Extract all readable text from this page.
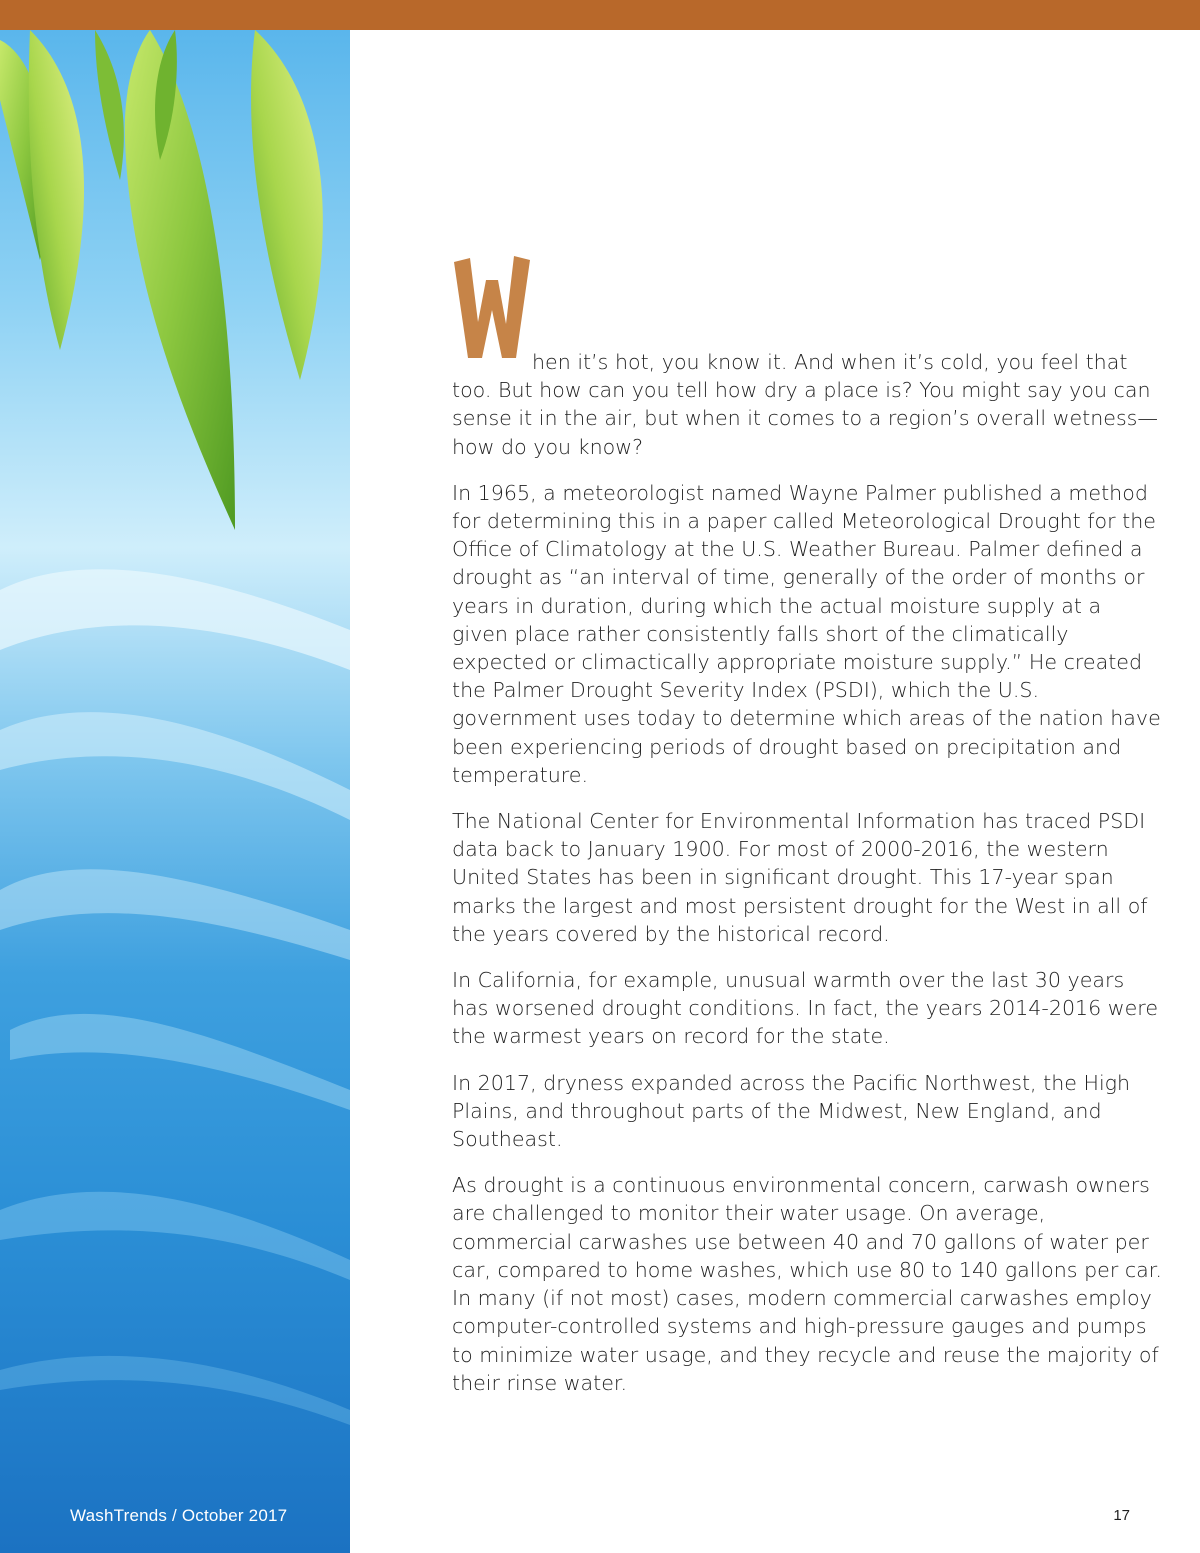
hen it’s hot, you know it. And when it’s cold, you feel that too. But how can you tell how dry a place is? You might say you can sense it in the air, but when it comes to a region’s overall wetness—how do you know?

In 1965, a meteorologist named Wayne Palmer published a method for determining this in a paper called Meteorological Drought for the Office of Climatology at the U.S. Weather Bureau. Palmer defined a drought as “an interval of time, generally of the order of months or years in duration, during which the actual moisture supply at a given place rather consistently falls short of the climatically expected or climactically appropriate moisture supply.” He created the Palmer Drought Severity Index (PSDI), which the U.S. government uses today to determine which areas of the nation have been experiencing periods of drought based on precipitation and temperature.

The National Center for Environmental Information has traced PSDI data back to January 1900. For most of 2000-2016, the western United States has been in significant drought. This 17-year span marks the largest and most persistent drought for the West in all of the years covered by the historical record.

In California, for example, unusual warmth over the last 30 years has worsened drought conditions. In fact, the years 2014-2016 were the warmest years on record for the state.

In 2017, dryness expanded across the Pacific Northwest, the High Plains, and throughout parts of the Midwest, New England, and Southeast.

As drought is a continuous environmental concern, carwash owners are challenged to monitor their water usage. On average, commercial carwashes use between 40 and 70 gallons of water per car, compared to home washes, which use 80 to 140 gallons per car. In many (if not most) cases, modern commercial carwashes employ computer-controlled systems and high-pressure gauges and pumps to minimize water usage, and they recycle and reuse the majority of their rinse water.

WashTrends / October 2017	17
